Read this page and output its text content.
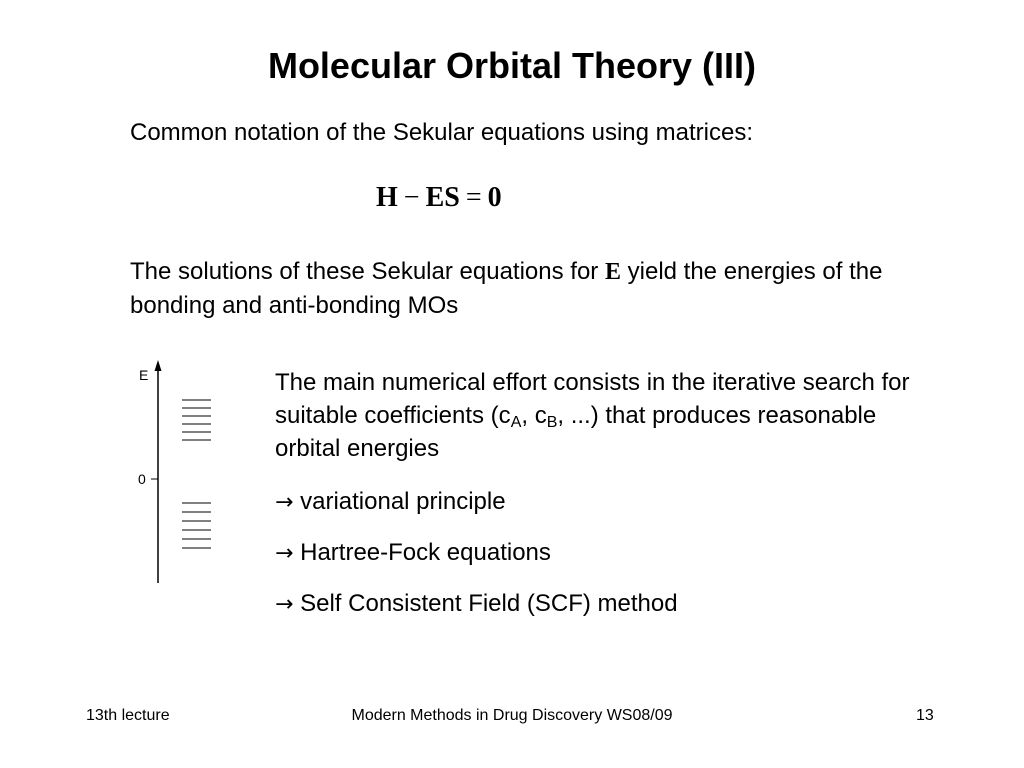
Molecular Orbital Theory (III)
Common notation of the Sekular equations using matrices:
H − ES = 0
The solutions of these Sekular equations for E yield the energies of the bonding and anti-bonding MOs
E
0
The main numerical effort consists in the iterative search for suitable coefficients ($c_A$, $c_B$, ...) that produces reasonable orbital energies
→ variational principle
→ Hartree-Fock equations
→ Self Consistent Field (SCF) method
13th lecture	Modern Methods in Drug Discovery WS08/09	13
